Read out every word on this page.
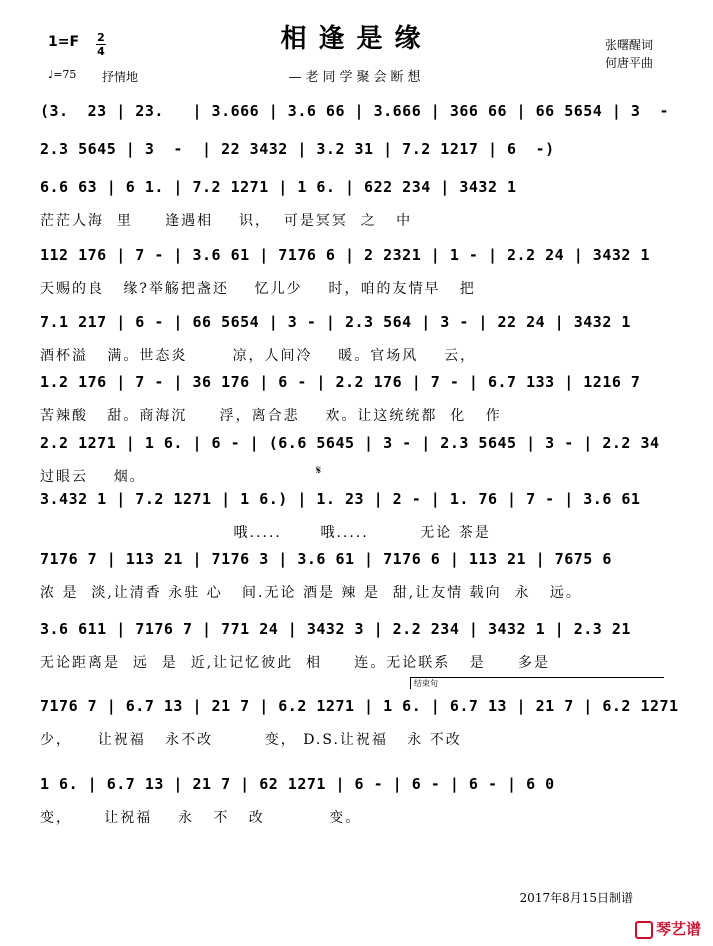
相逢是缘
—老同学聚会断想
1=F 2
4
♩=75 抒情地
张曙醒词
何唐平曲
(3.  23 | 23.   | 3.666 | 3.6 66 | 3.666 | 366 66 | 66 5654 | 3  -
2.3 5645 | 3  -  | 22 3432 | 3.2 31 | 7.2 1217 | 6  -)
6.6 63 | 6 1. | 7.2 1271 | 1 6. | 622 234 | 3432 1
茫茫人海  里     逢遇相    识，  可是冥冥  之   中
112 176 | 7 - | 3.6 61 | 7176 6 | 2 2321 | 1 - | 2.2 24 | 3432 1
天赐的良   缘?举觞把盏还    忆儿少    时，咱的友情早   把
7.1 217 | 6 - | 66 5654 | 3 - | 2.3 564 | 3 - | 22 24 | 3432 1
酒杯溢   满。世态炎       凉，人间冷    暖。官场风    云，
1.2 176 | 7 - | 36 176 | 6 - | 2.2 176 | 7 - | 6.7 133 | 1216 7
苦辣酸   甜。商海沉     浮，离合悲    欢。让这统统都  化   作
2.2 1271 | 1 6. | 6 - | (6.6 5645 | 3 - | 2.3 5645 | 3 - | 2.2 34
过眼云    烟。
3.432 1 | 7.2 1271 | 1 6.) | 1. 23 | 2 - | 1. 76 | 7 - | 3.6 61
哦.....      哦.....        无论 茶是
7176 7 | 113 21 | 7176 3 | 3.6 61 | 7176 6 | 113 21 | 7675 6
浓 是  淡,让清香 永驻 心   间.无论 酒是 辣 是  甜,让友情 载向  永   远。
3.6 611 | 7176 7 | 771 24 | 3432 3 | 2.2 234 | 3432 1 | 2.3 21
无论距离是  远  是  近,让记忆彼此  相     连。无论联系   是     多是
7176 7 | 6.7 13 | 21 7 | 6.2 1271 | 1 6. | 6.7 13 | 21 7 | 6.2 1271
少，    让祝福   永不改        变， D.S.让祝福   永 不改
1 6. | 6.7 13 | 21 7 | 62 1271 | 6 - | 6 - | 6 - | 6 0
变，     让祝福    永   不   改          变。
𝄋
结束句
2017年8月15日制谱
琴艺谱
